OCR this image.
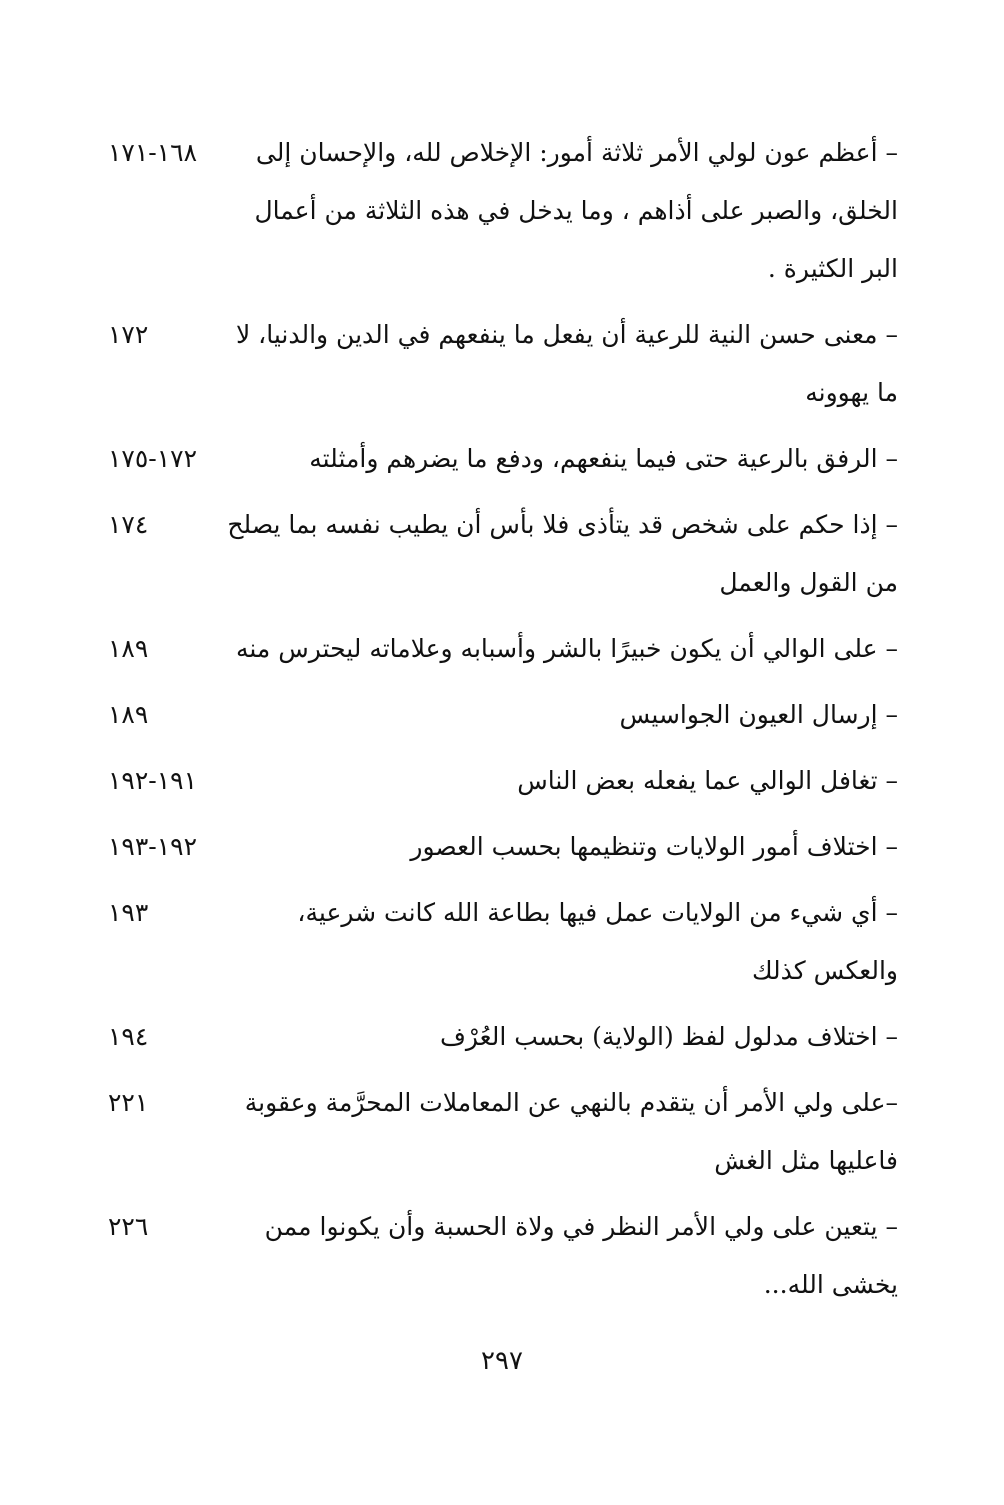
– أعظم عون لولي الأمر ثلاثة أمور: الإخلاص لله، والإحسان إلى الخلق، والصبر على أذاهم ، وما يدخل في هذه الثلاثة من أعمال البر الكثيرة .
١٦٨-١٧١
– معنى حسن النية للرعية أن يفعل ما ينفعهم في الدين والدنيا، لا ما يهوونه
١٧٢
– الرفق بالرعية حتى فيما ينفعهم، ودفع ما يضرهم وأمثلته
١٧٢-١٧٥
– إذا حكم على شخص قد يتأذى فلا بأس أن يطيب نفسه بما يصلح من القول والعمل
١٧٤
– على الوالي أن يكون خبيرًا بالشر وأسبابه وعلاماته ليحترس منه
١٨٩
– إرسال العيون الجواسيس
١٨٩
– تغافل الوالي عما يفعله بعض الناس
١٩١-١٩٢
– اختلاف أمور الولايات وتنظيمها بحسب العصور
١٩٢-١٩٣
– أي شيء من الولايات عمل فيها بطاعة الله كانت شرعية، والعكس كذلك
١٩٣
– اختلاف مدلول لفظ (الولاية) بحسب العُرْف
١٩٤
–على ولي الأمر أن يتقدم بالنهي عن المعاملات المحرَّمة وعقوبة فاعليها مثل الغش
٢٢١
– يتعين على ولي الأمر النظر في ولاة الحسبة وأن يكونوا ممن يخشى الله...
٢٢٦
٢٩٧
